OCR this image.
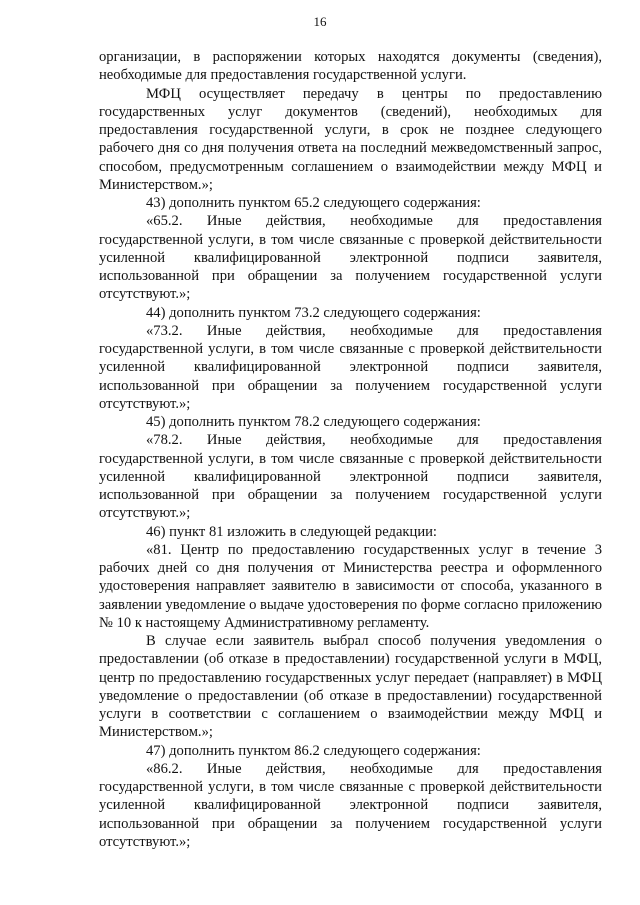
16

организации, в распоряжении которых находятся документы (сведения), необходимые для предоставления государственной услуги.

МФЦ осуществляет передачу в центры по предоставлению государственных услуг документов (сведений), необходимых для предоставления государственной услуги, в срок не позднее следующего рабочего дня со дня получения ответа на последний межведомственный запрос, способом, предусмотренным соглашением о взаимодействии между МФЦ и Министерством.»;

43) дополнить пунктом 65.2 следующего содержания:

«65.2. Иные действия, необходимые для предоставления государственной услуги, в том числе связанные с проверкой действительности усиленной квалифицированной электронной подписи заявителя, использованной при обращении за получением государственной услуги отсутствуют.»;

44) дополнить пунктом 73.2 следующего содержания:

«73.2. Иные действия, необходимые для предоставления государственной услуги, в том числе связанные с проверкой действительности усиленной квалифицированной электронной подписи заявителя, использованной при обращении за получением государственной услуги отсутствуют.»;

45) дополнить пунктом 78.2 следующего содержания:

«78.2. Иные действия, необходимые для предоставления государственной услуги, в том числе связанные с проверкой действительности усиленной квалифицированной электронной подписи заявителя, использованной при обращении за получением государственной услуги отсутствуют.»;

46) пункт 81 изложить в следующей редакции:

«81. Центр по предоставлению государственных услуг в течение 3 рабочих дней со дня получения от Министерства реестра и оформленного удостоверения направляет заявителю в зависимости от способа, указанного в заявлении уведомление о выдаче удостоверения по форме согласно приложению № 10 к настоящему Административному регламенту.

В случае если заявитель выбрал способ получения уведомления о предоставлении (об отказе в предоставлении) государственной услуги в МФЦ, центр по предоставлению государственных услуг передает (направляет) в МФЦ уведомление о предоставлении (об отказе в предоставлении) государственной услуги в соответствии с соглашением о взаимодействии между МФЦ и Министерством.»;

47) дополнить пунктом 86.2 следующего содержания:

«86.2. Иные действия, необходимые для предоставления государственной услуги, в том числе связанные с проверкой действительности усиленной квалифицированной электронной подписи заявителя, использованной при обращении за получением государственной услуги отсутствуют.»;
